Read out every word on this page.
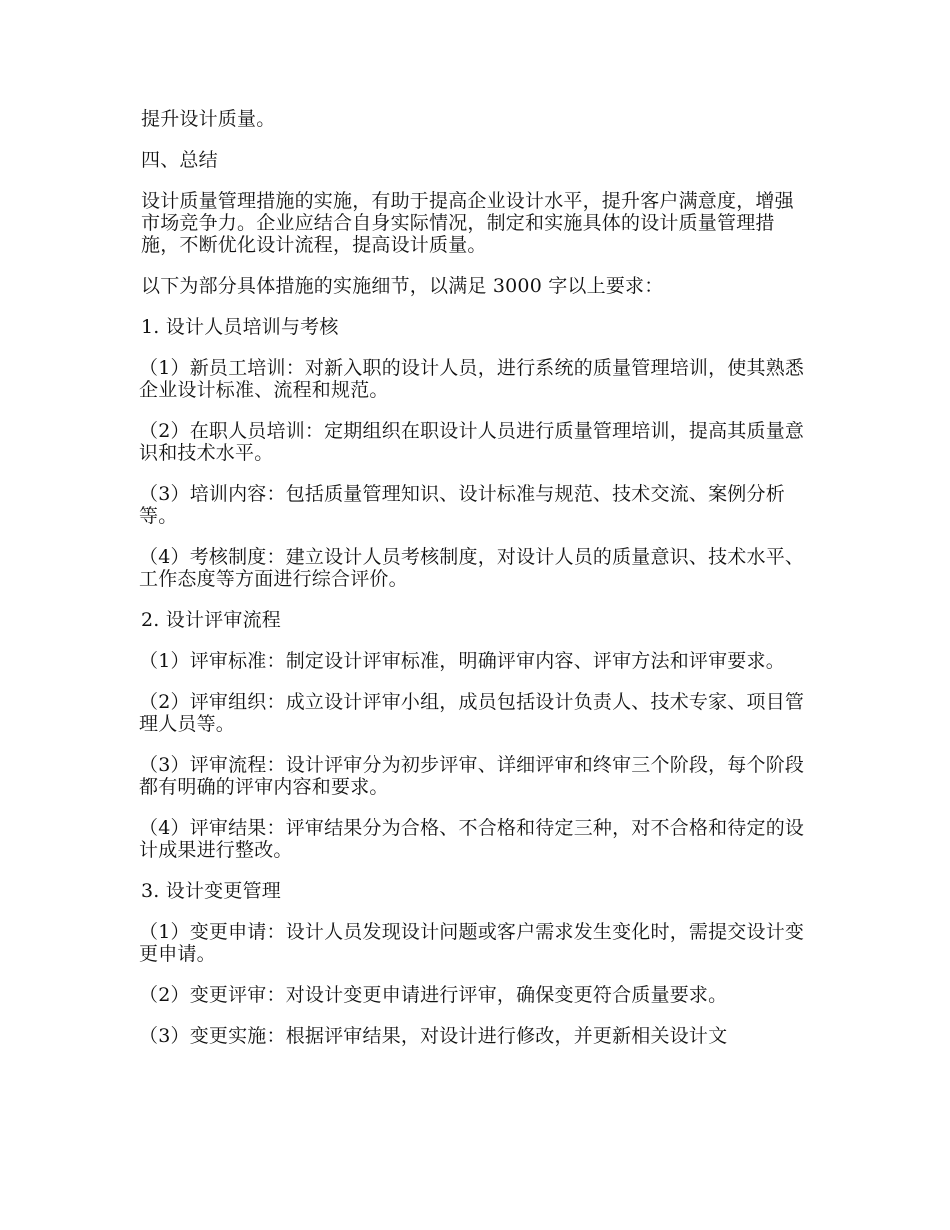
提升设计质量。

四、总结

设计质量管理措施的实施，有助于提高企业设计水平，提升客户满意度，增强市场竞争力。企业应结合自身实际情况，制定和实施具体的设计质量管理措施，不断优化设计流程，提高设计质量。

以下为部分具体措施的实施细节，以满足 3000 字以上要求：

1. 设计人员培训与考核

（1）新员工培训：对新入职的设计人员，进行系统的质量管理培训，使其熟悉企业设计标准、流程和规范。

（2）在职人员培训：定期组织在职设计人员进行质量管理培训，提高其质量意识和技术水平。

（3）培训内容：包括质量管理知识、设计标准与规范、技术交流、案例分析等。

（4）考核制度：建立设计人员考核制度，对设计人员的质量意识、技术水平、工作态度等方面进行综合评价。

2. 设计评审流程

（1）评审标准：制定设计评审标准，明确评审内容、评审方法和评审要求。

（2）评审组织：成立设计评审小组，成员包括设计负责人、技术专家、项目管理人员等。

（3）评审流程：设计评审分为初步评审、详细评审和终审三个阶段，每个阶段都有明确的评审内容和要求。

（4）评审结果：评审结果分为合格、不合格和待定三种，对不合格和待定的设计成果进行整改。

3. 设计变更管理

（1）变更申请：设计人员发现设计问题或客户需求发生变化时，需提交设计变更申请。

（2）变更评审：对设计变更申请进行评审，确保变更符合质量要求。

（3）变更实施：根据评审结果，对设计进行修改，并更新相关设计文
